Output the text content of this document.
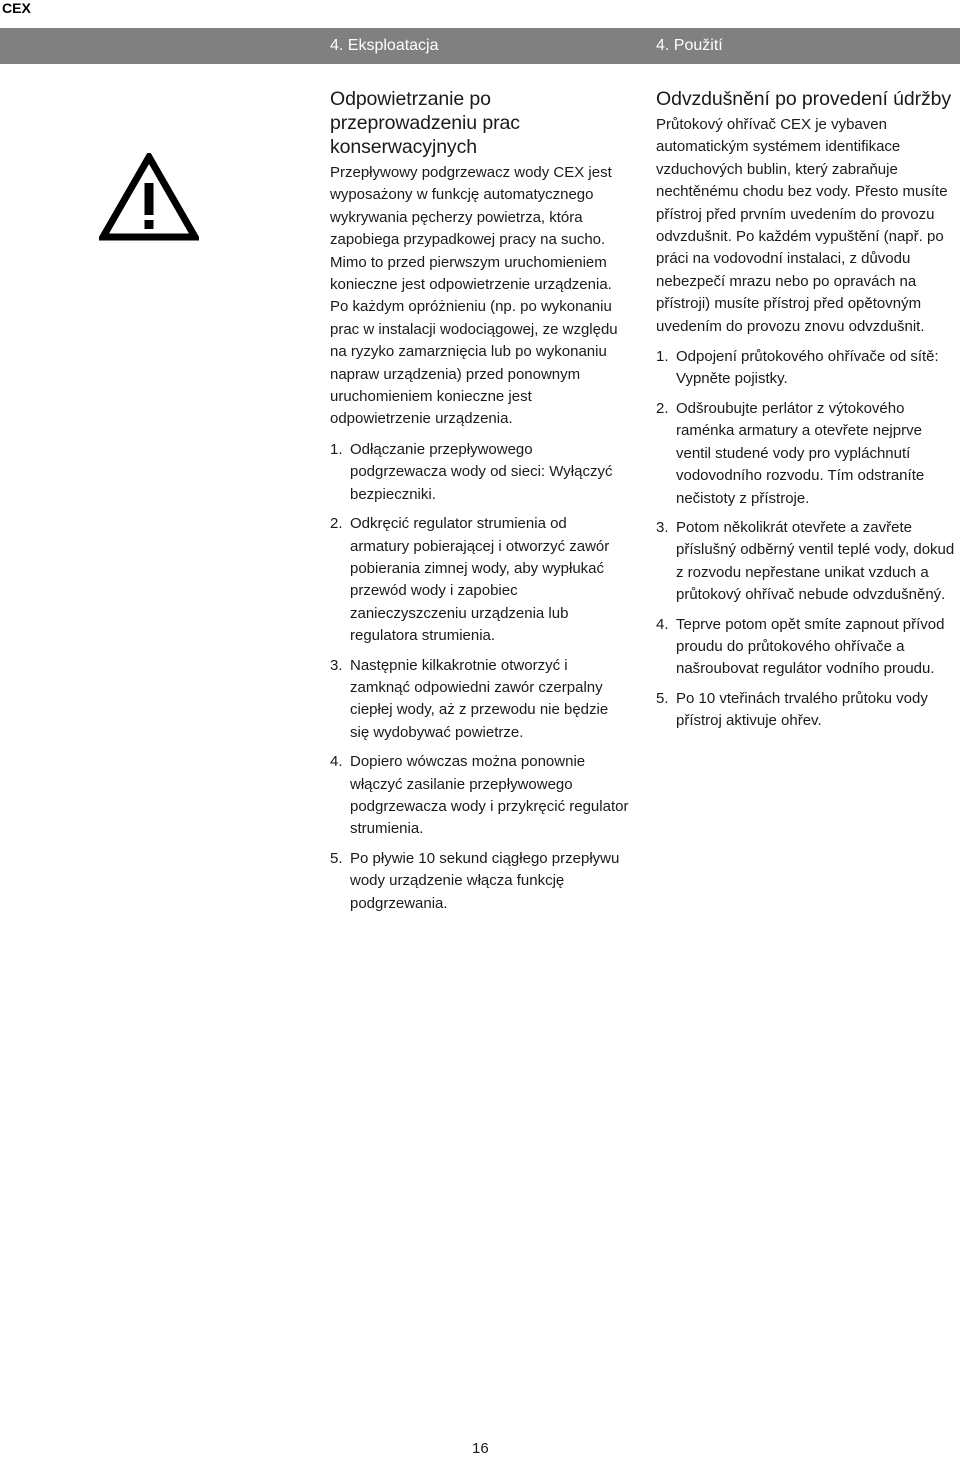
CEX
4. Eksploatacja	4. Použití
Odpowietrzanie po przeprowadzeniu prac konserwacyjnych

Przepływowy podgrzewacz wody CEX jest wyposażony w funkcję automatycznego wykrywania pęcherzy powietrza, która zapobiega przypadkowej pracy na sucho. Mimo to przed pierwszym uruchomieniem konieczne jest odpowietrzenie urządzenia. Po każdym opróżnieniu (np. po wykonaniu prac w instalacji wodociągowej, ze względu na ryzyko zamarznięcia lub po wykonaniu napraw urządzenia) przed ponownym uruchomieniem konieczne jest odpowietrzenie urządzenia.

1. Odłączanie przepływowego podgrzewacza wody od sieci: Wyłączyć bezpieczniki.
2. Odkręcić regulator strumienia od armatury pobierającej i otworzyć zawór pobierania zimnej wody, aby wypłukać przewód wody i zapobiec zanieczyszczeniu urządzenia lub regulatora strumienia.
3. Następnie kilkakrotnie otworzyć i zamknąć odpowiedni zawór czerpalny ciepłej wody, aż z przewodu nie będzie się wydobywać powietrze.
4. Dopiero wówczas można ponownie włączyć zasilanie przepływowego podgrzewacza wody i przykręcić regulator strumienia.
5. Po pływie 10 sekund ciągłego przepływu wody urządzenie włącza funkcję podgrzewania.
Odvzdušnění po provedení údržby

Průtokový ohřívač CEX je vybaven automatickým systémem identifikace vzduchových bublin, který zabraňuje nechtěnému chodu bez vody. Přesto musíte přístroj před prvním uvedením do provozu odvzdušnit. Po každém vypuštění (např. po práci na vodovodní instalaci, z důvodu nebezpečí mrazu nebo po opravách na přístroji) musíte přístroj před opětovným uvedením do provozu znovu odvzdušnit.

1. Odpojení průtokového ohřívače od sítě: Vypněte pojistky.
2. Odšroubujte perlátor z výtokového raménka armatury a otevřete nejprve ventil studené vody pro vypláchnutí vodovodního rozvodu. Tím odstraníte nečistoty z přístroje.
3. Potom několikrát otevřete a zavřete příslušný odběrný ventil teplé vody, dokud z rozvodu nepřestane unikat vzduch a průtokový ohřívač nebude odvzdušněný.
4. Teprve potom opět smíte zapnout přívod proudu do průtokového ohřívače a našroubovat regulátor vodního proudu.
5. Po 10 vteřinách trvalého průtoku vody přístroj aktivuje ohřev.
16
